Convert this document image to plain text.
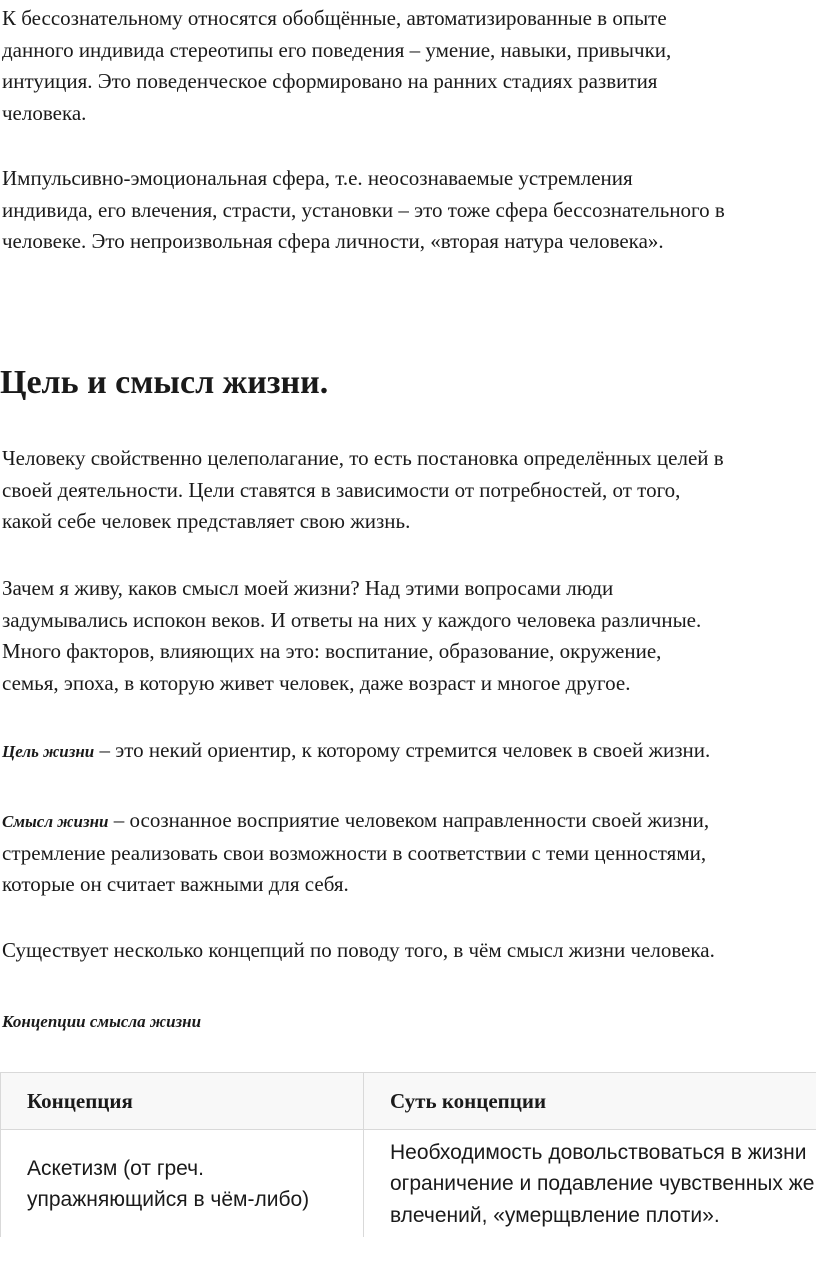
К бессознательному относятся обобщённые, автоматизированные в опыте
данного индивида стереотипы его поведения – умение, навыки, привычки,
интуиция. Это поведенческое сформировано на ранних стадиях развития
человека.

Импульсивно-эмоциональная сфера, т.е. неосознаваемые устремления
индивида, его влечения, страсти, установки – это тоже сфера бессознательного в
человеке. Это непроизвольная сфера личности, «вторая натура человека».

Цель и смысл жизни.

Человеку свойственно целеполагание, то есть постановка определённых целей в
своей деятельности. Цели ставятся в зависимости от потребностей, от того,
какой себе человек представляет свою жизнь.

Зачем я живу, каков смысл моей жизни? Над этими вопросами люди
задумывались испокон веков. И ответы на них у каждого человека различные.
Много факторов, влияющих на это: воспитание, образование, окружение,
семья, эпоха, в которую живет человек, даже возраст и многое другое.

Цель жизни – это некий ориентир, к которому стремится человек в своей жизни.

Смысл жизни – осознанное восприятие человеком направленности своей жизни,
стремление реализовать свои возможности в соответствии с теми ценностями,
которые он считает важными для себя.

Существует несколько концепций по поводу того, в чём смысл жизни человека.

Концепции смысла жизни

Концепция	Суть концепции

Аскетизм (от греч.
упражняющийся в чём-либо)	Необходимость довольствоваться в жизни
ограничение и подавление чувственных же
влечений, «умерщвление плоти».
